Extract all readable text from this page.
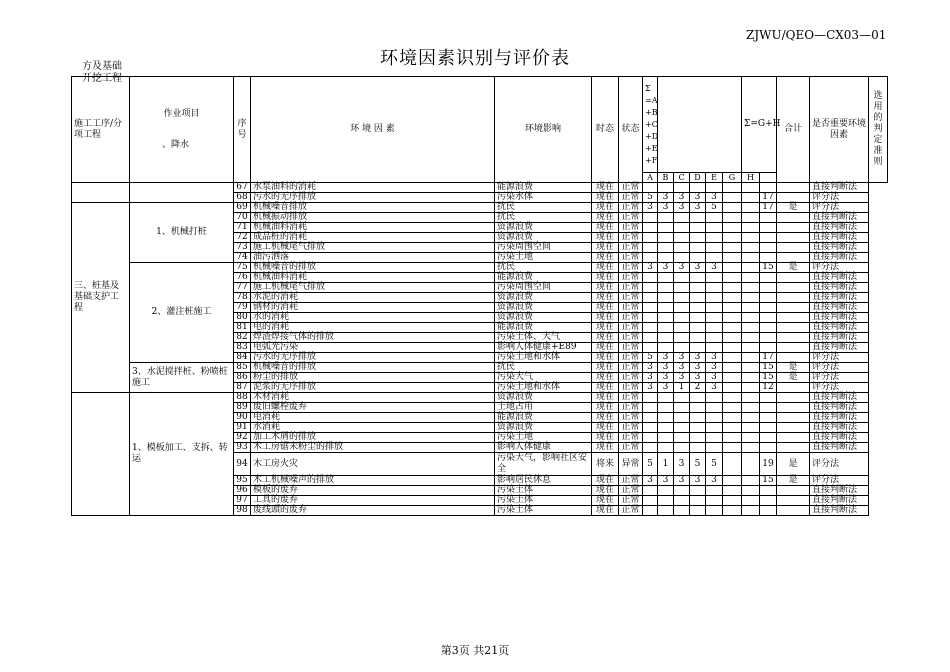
ZJWU/QEO—CX03—01
环境因素识别与评价表
方及基础
开挖工程
施工工序/分项工程	作业项目
、降水	序号	环 境 因 素	环境影响	时态	状态	Σ =A +B +C +D +E +F						Σ=G+H		合计	是否重要环境因素	选用的判定准则
							A	B	C	D	E	G	H				
		67	水泵油料的消耗	能源浪费	现在	正常										直接判断法	
		68	污水的无序排放	污染水体	现在	正常	5	3	3	3	3			17		评分法	
三、桩基及基础支护工程	1、机械打桩	69	机械噪音排放	扰民	现在	正常	3	3	3	3	5			17	是	评分法	
		70	机械振动排放	扰民	现在	正常										直接判断法	
		71	机械油料消耗	资源浪费	现在	正常										直接判断法	
		72	成品桩的消耗	资源浪费	现在	正常										直接判断法	
		73	施工机械尾气排放	污染周围空间	现在	正常										直接判断法	
		74	油污洒落	污染土地	现在	正常										直接判断法	
	2、灌注桩施工	75	机械噪音的排放	扰民	现在	正常	3	3	3	3	3			15	是	评分法	
		76	机械油料消耗	能源浪费	现在	正常										直接判断法	
		77	施工机械尾气排放	污染周围空间	现在	正常										直接判断法	
		78	水泥的消耗	资源浪费	现在	正常										直接判断法	
		79	钢材的消耗	资源浪费	现在	正常										直接判断法	
		80	水的消耗	资源浪费	现在	正常										直接判断法	
		81	电的消耗	能源浪费	现在	正常										直接判断法	
		82	焊渣焊接气体的排放	污染土体、大气	现在	正常										直接判断法	
		83	电弧光污染	影响人体健康+E89	现在	正常										直接判断法	
		84	污水的无序排放	污染土地和水体	现在	正常	5	3	3	3	3			17		评分法	
	3、水泥搅拌桩、粉喷桩施工	85	机械噪音的排放	扰民	现在	正常	3	3	3	3	3			15	是	评分法	
		86	粉尘的排放	污染大气	现在	正常	3	3	3	3	3			15	是	评分法	
		87	泥浆的无序排放	污染土地和水体	现在	正常	3	3	1	2	3			12		评分法	
	1、模板加工、支拆、转运	88	木材消耗	资源浪费	现在	正常										直接判断法	
		89	废旧螺栓废弃	土地占用	现在	正常										直接判断法	
		90	电消耗	能源浪费	现在	正常										直接判断法	
		91	水消耗	资源浪费	现在	正常										直接判断法	
		92	加工木屑的排放	污染土地	现在	正常										直接判断法	
		93	木工房锯末粉尘的排放	影响人体健康	现在	正常										直接判断法	
		94	木工房火灾	污染大气，影响社区安全	将来	异常	5	1	3	5	5			19	是	评分法	
		95	木工机械噪声的排放	影响居民休息	现在	正常	3	3	3	3	3			15	是	评分法	
		96	模板的废弃	污染土体	现在	正常										直接判断法	
		97	工具的废弃	污染土体	现在	正常										直接判断法	
		98	废线頭的废弃	污染土体	现在	正常										直接判断法	
第3页 共21页
